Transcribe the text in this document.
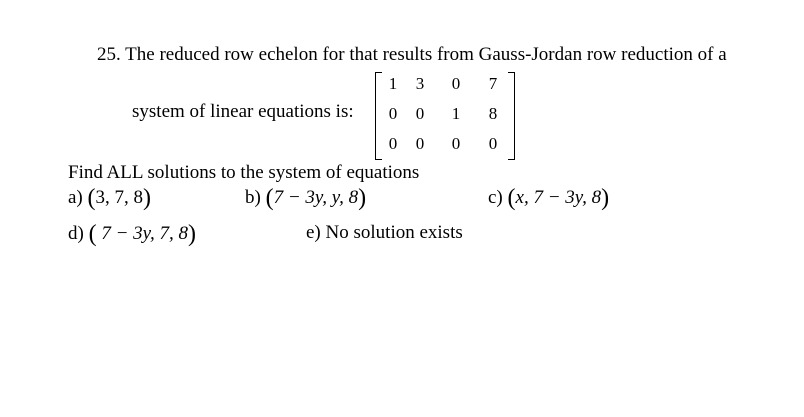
25. The reduced row echelon for that results from Gauss-Jordan row reduction of a
system of linear equations is:
1	3	0	7
0	0	1	8
0	0	0	0
Find ALL solutions to the system of equations
a) (3, 7, 8)	b) (7 − 3y, y, 8)	c) (x, 7 − 3y, 8)
d) ( 7 − 3y, 7, 8)	e) No solution exists
